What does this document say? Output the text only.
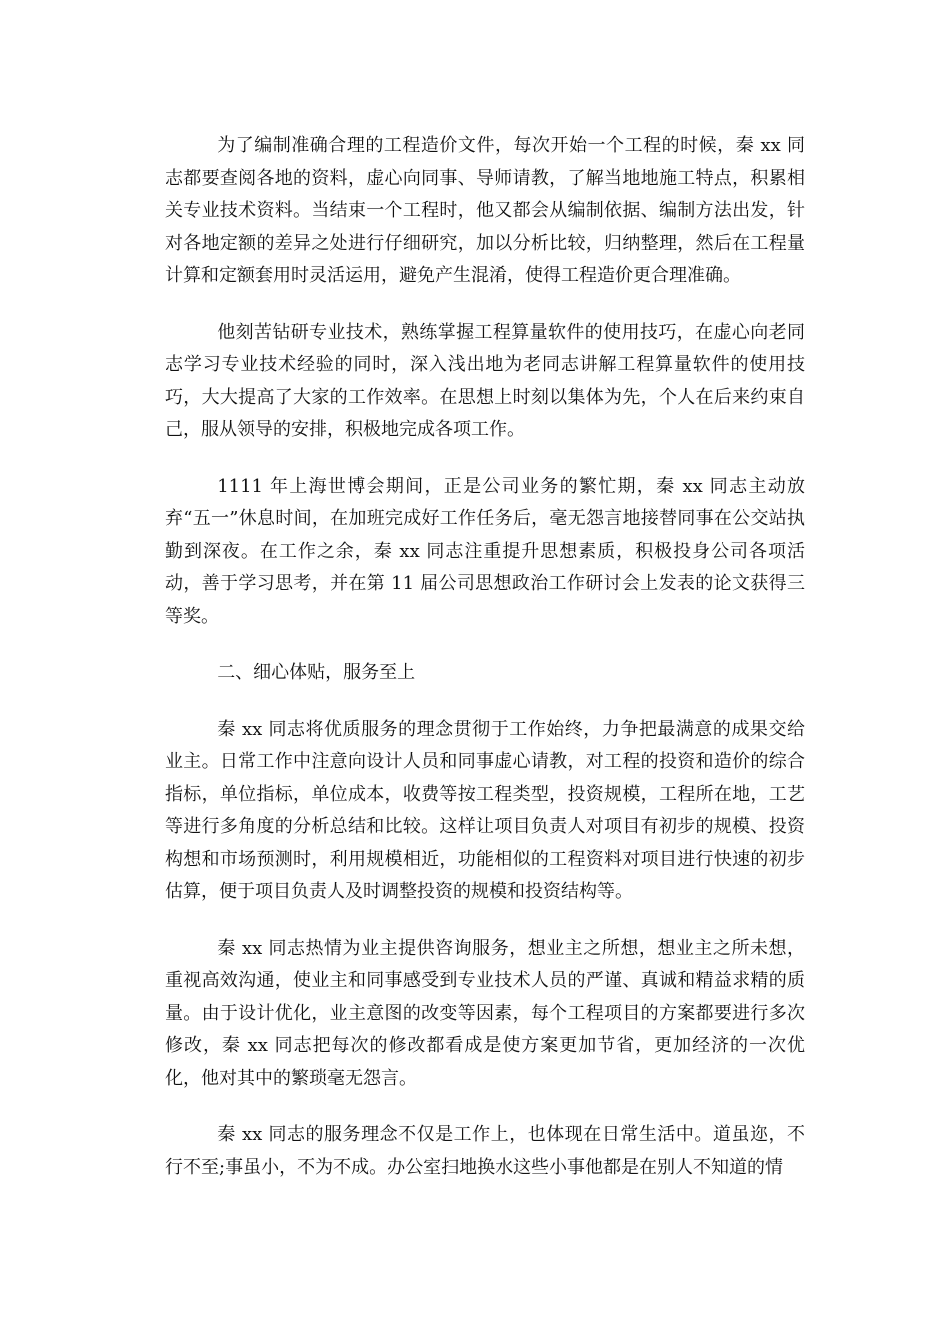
为了编制准确合理的工程造价文件，每次开始一个工程的时候，秦 xx 同志都要查阅各地的资料，虚心向同事、导师请教，了解当地地施工特点，积累相关专业技术资料。当结束一个工程时，他又都会从编制依据、编制方法出发，针对各地定额的差异之处进行仔细研究，加以分析比较，归纳整理，然后在工程量计算和定额套用时灵活运用，避免产生混淆，使得工程造价更合理准确。

他刻苦钻研专业技术，熟练掌握工程算量软件的使用技巧，在虚心向老同志学习专业技术经验的同时，深入浅出地为老同志讲解工程算量软件的使用技巧，大大提高了大家的工作效率。在思想上时刻以集体为先，个人在后来约束自己，服从领导的安排，积极地完成各项工作。

1111 年上海世博会期间，正是公司业务的繁忙期，秦 xx 同志主动放弃“五一”休息时间，在加班完成好工作任务后，毫无怨言地接替同事在公交站执勤到深夜。在工作之余，秦 xx 同志注重提升思想素质，积极投身公司各项活动，善于学习思考，并在第 11 届公司思想政治工作研讨会上发表的论文获得三等奖。

二、细心体贴，服务至上

秦 xx 同志将优质服务的理念贯彻于工作始终，力争把最满意的成果交给业主。日常工作中注意向设计人员和同事虚心请教，对工程的投资和造价的综合指标，单位指标，单位成本，收费等按工程类型，投资规模，工程所在地，工艺等进行多角度的分析总结和比较。这样让项目负责人对项目有初步的规模、投资构想和市场预测时，利用规模相近，功能相似的工程资料对项目进行快速的初步估算，便于项目负责人及时调整投资的规模和投资结构等。

秦 xx 同志热情为业主提供咨询服务，想业主之所想，想业主之所未想，重视高效沟通，使业主和同事感受到专业技术人员的严谨、真诚和精益求精的质量。由于设计优化，业主意图的改变等因素，每个工程项目的方案都要进行多次修改，秦 xx 同志把每次的修改都看成是使方案更加节省，更加经济的一次优化，他对其中的繁琐毫无怨言。

秦 xx 同志的服务理念不仅是工作上，也体现在日常生活中。道虽迩，不行不至;事虽小，不为不成。办公室扫地换水这些小事他都是在别人不知道的情
